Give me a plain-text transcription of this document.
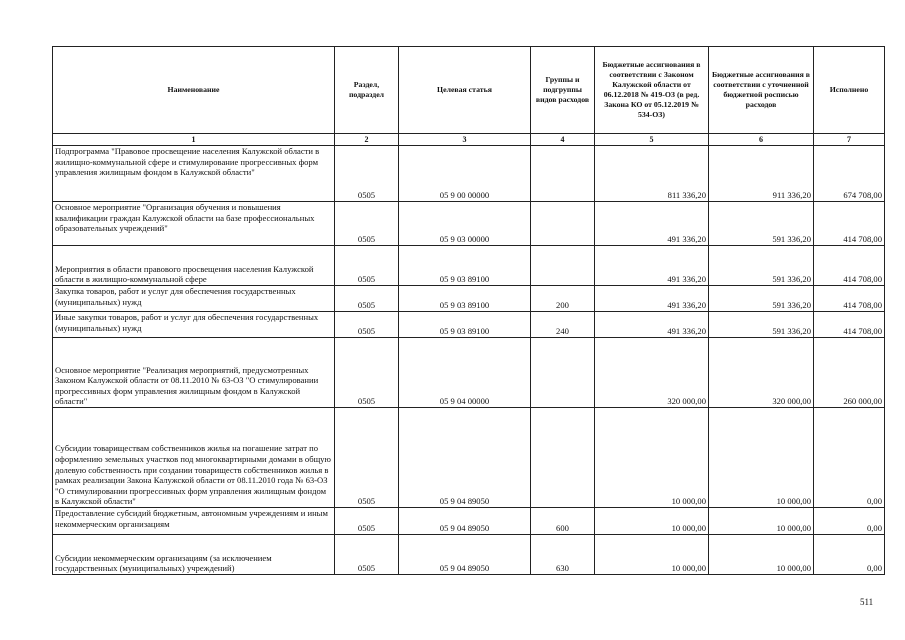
Наименование	Раздел, подраздел	Целевая статья	Группы и подгруппы видов расходов	Бюджетные ассигнования в соответствии с Законом Калужской области от 06.12.2018 № 419-ОЗ (в ред. Закона КО от 05.12.2019 № 534-ОЗ)	Бюджетные ассигнования в соответствии с уточненной бюджетной росписью расходов	Исполнено
1	2	3	4	5	6	7
Подпрограмма "Правовое просвещение населения Калужской области в жилищно-коммунальной сфере и стимулирование прогрессивных форм управления жилищным фондом в Калужской области"	0505	05 9 00 00000		811 336,20	911 336,20	674 708,00
Основное мероприятие "Организация обучения и повышения квалификации граждан Калужской области на базе профессиональных образовательных учреждений"	0505	05 9 03 00000		491 336,20	591 336,20	414 708,00
Мероприятия в области правового просвещения населения Калужской области в жилищно-коммунальной сфере	0505	05 9 03 89100		491 336,20	591 336,20	414 708,00
Закупка товаров, работ и услуг для обеспечения государственных (муниципальных) нужд	0505	05 9 03 89100	200	491 336,20	591 336,20	414 708,00
Иные закупки товаров, работ и услуг для обеспечения государственных (муниципальных) нужд	0505	05 9 03 89100	240	491 336,20	591 336,20	414 708,00
Основное мероприятие "Реализация мероприятий, предусмотренных Законом Калужской области от 08.11.2010 № 63-ОЗ "О стимулировании прогрессивных форм управления жилищным фондом в Калужской области"	0505	05 9 04 00000		320 000,00	320 000,00	260 000,00
Субсидии товариществам собственников жилья на погашение затрат по оформлению земельных участков под многоквартирными домами в общую долевую собственность при создании товариществ собственников жилья в рамках реализации Закона Калужской области от 08.11.2010 года № 63-ОЗ "О стимулировании прогрессивных форм управления жилищным фондом в Калужской области"	0505	05 9 04 89050		10 000,00	10 000,00	0,00
Предоставление субсидий бюджетным, автономным учреждениям и иным некоммерческим организациям	0505	05 9 04 89050	600	10 000,00	10 000,00	0,00
Субсидии некоммерческим организациям (за исключением государственных (муниципальных) учреждений)	0505	05 9 04 89050	630	10 000,00	10 000,00	0,00
511
